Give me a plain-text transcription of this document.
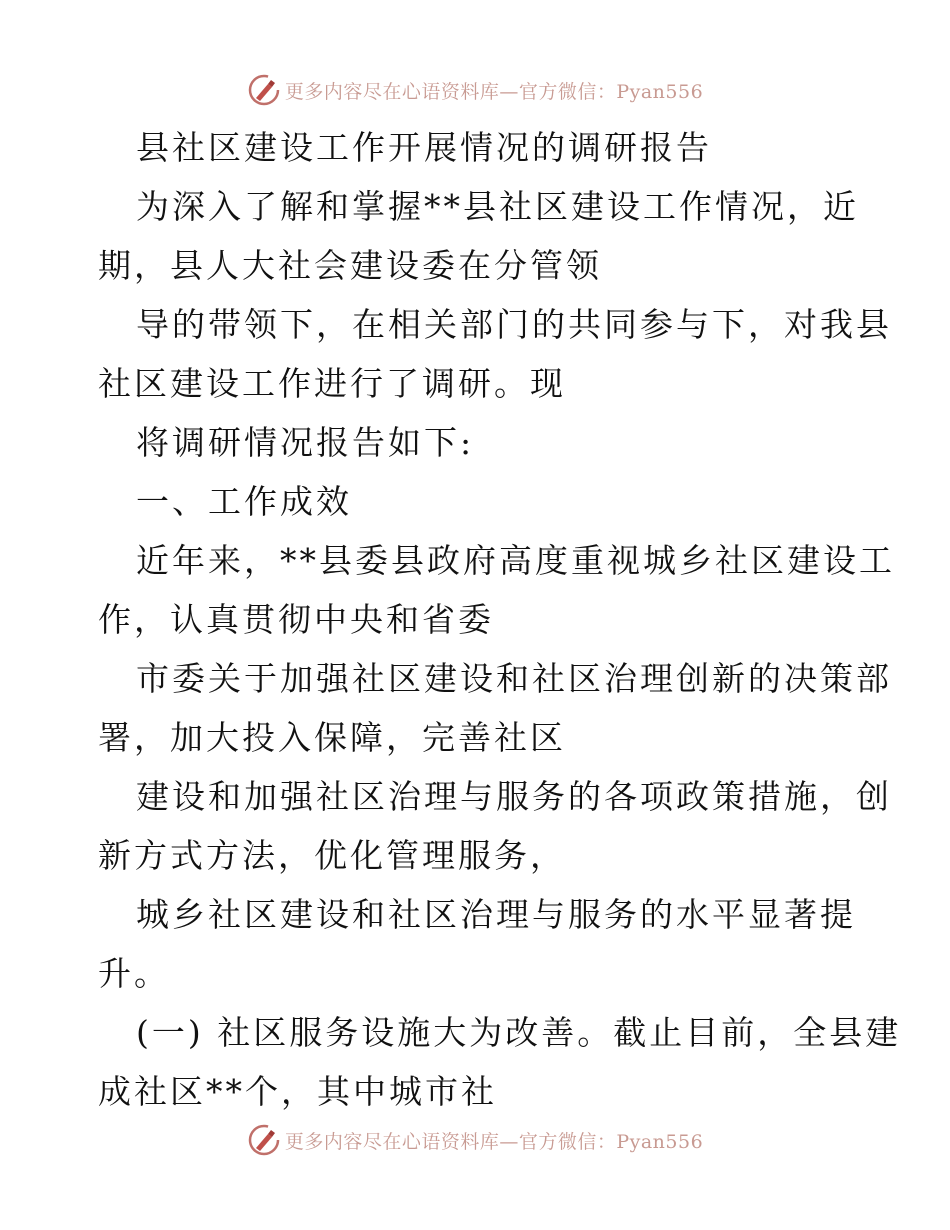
更多内容尽在心语资料库—官方微信：Pyan556
县社区建设工作开展情况的调研报告
为深入了解和掌握**县社区建设工作情况，近
期，县人大社会建设委在分管领
导的带领下，在相关部门的共同参与下，对我县
社区建设工作进行了调研。现
将调研情况报告如下:
一、工作成效
近年来，**县委县政府高度重视城乡社区建设工
作，认真贯彻中央和省委
市委关于加强社区建设和社区治理创新的决策部
署，加大投入保障，完善社区
建设和加强社区治理与服务的各项政策措施，创
新方式方法，优化管理服务，
城乡社区建设和社区治理与服务的水平显著提
升。
(一) 社区服务设施大为改善。截止目前，全县建
成社区**个，其中城市社
更多内容尽在心语资料库—官方微信：Pyan556
